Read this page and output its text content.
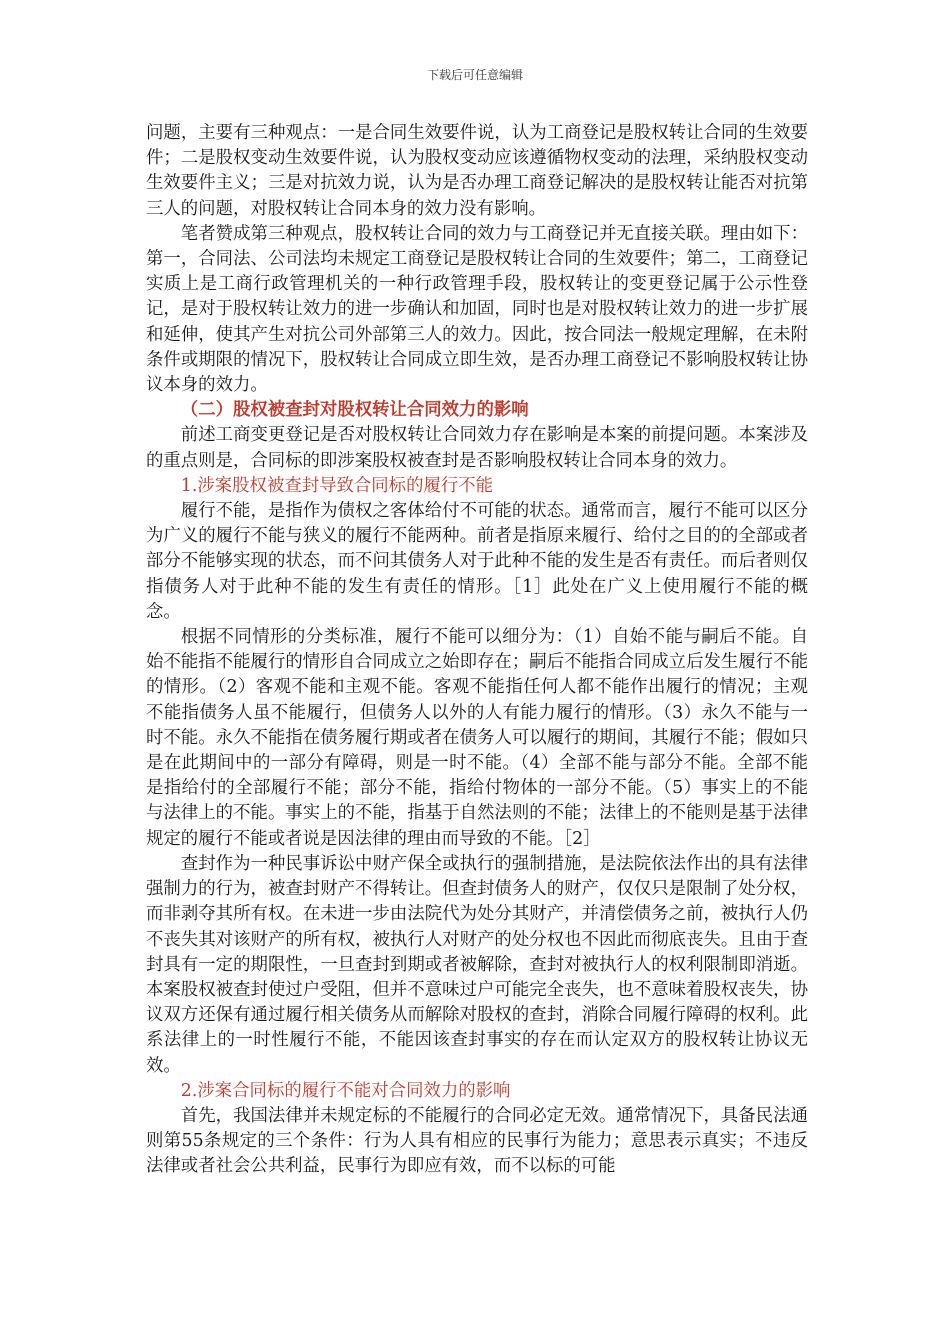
下载后可任意编辑

问题，主要有三种观点：一是合同生效要件说，认为工商登记是股权转让合同的生效要件；二是股权变动生效要件说，认为股权变动应该遵循物权变动的法理，采纳股权变动生效要件主义；三是对抗效力说，认为是否办理工商登记解决的是股权转让能否对抗第三人的问题，对股权转让合同本身的效力没有影响。

笔者赞成第三种观点，股权转让合同的效力与工商登记并无直接关联。理由如下：第一，合同法、公司法均未规定工商登记是股权转让合同的生效要件；第二，工商登记实质上是工商行政管理机关的一种行政管理手段，股权转让的变更登记属于公示性登记，是对于股权转让效力的进一步确认和加固，同时也是对股权转让效力的进一步扩展和延伸，使其产生对抗公司外部第三人的效力。因此，按合同法一般规定理解，在未附条件或期限的情况下，股权转让合同成立即生效，是否办理工商登记不影响股权转让协议本身的效力。

（二）股权被查封对股权转让合同效力的影响

前述工商变更登记是否对股权转让合同效力存在影响是本案的前提问题。本案涉及的重点则是，合同标的即涉案股权被查封是否影响股权转让合同本身的效力。

1.涉案股权被查封导致合同标的履行不能

履行不能，是指作为债权之客体给付不可能的状态。通常而言，履行不能可以区分为广义的履行不能与狭义的履行不能两种。前者是指原来履行、给付之目的的全部或者部分不能够实现的状态，而不问其债务人对于此种不能的发生是否有责任。而后者则仅指债务人对于此种不能的发生有责任的情形。［1］此处在广义上使用履行不能的概念。

根据不同情形的分类标准，履行不能可以细分为：（1）自始不能与嗣后不能。自始不能指不能履行的情形自合同成立之始即存在；嗣后不能指合同成立后发生履行不能的情形。（2）客观不能和主观不能。客观不能指任何人都不能作出履行的情况；主观不能指债务人虽不能履行，但债务人以外的人有能力履行的情形。（3）永久不能与一时不能。永久不能指在债务履行期或者在债务人可以履行的期间，其履行不能；假如只是在此期间中的一部分有障碍，则是一时不能。（4）全部不能与部分不能。全部不能是指给付的全部履行不能；部分不能，指给付物体的一部分不能。（5）事实上的不能与法律上的不能。事实上的不能，指基于自然法则的不能；法律上的不能则是基于法律规定的履行不能或者说是因法律的理由而导致的不能。［2］

查封作为一种民事诉讼中财产保全或执行的强制措施，是法院依法作出的具有法律强制力的行为，被查封财产不得转让。但查封债务人的财产，仅仅只是限制了处分权，而非剥夺其所有权。在未进一步由法院代为处分其财产，并清偿债务之前，被执行人仍不丧失其对该财产的所有权，被执行人对财产的处分权也不因此而彻底丧失。且由于查封具有一定的期限性，一旦查封到期或者被解除，查封对被执行人的权利限制即消逝。本案股权被查封使过户受阻，但并不意味过户可能完全丧失，也不意味着股权丧失，协议双方还保有通过履行相关债务从而解除对股权的查封，消除合同履行障碍的权利。此系法律上的一时性履行不能，不能因该查封事实的存在而认定双方的股权转让协议无效。

2.涉案合同标的履行不能对合同效力的影响

首先，我国法律并未规定标的不能履行的合同必定无效。通常情况下，具备民法通则第55条规定的三个条件：行为人具有相应的民事行为能力；意思表示真实；不违反法律或者社会公共利益，民事行为即应有效，而不以标的可能
